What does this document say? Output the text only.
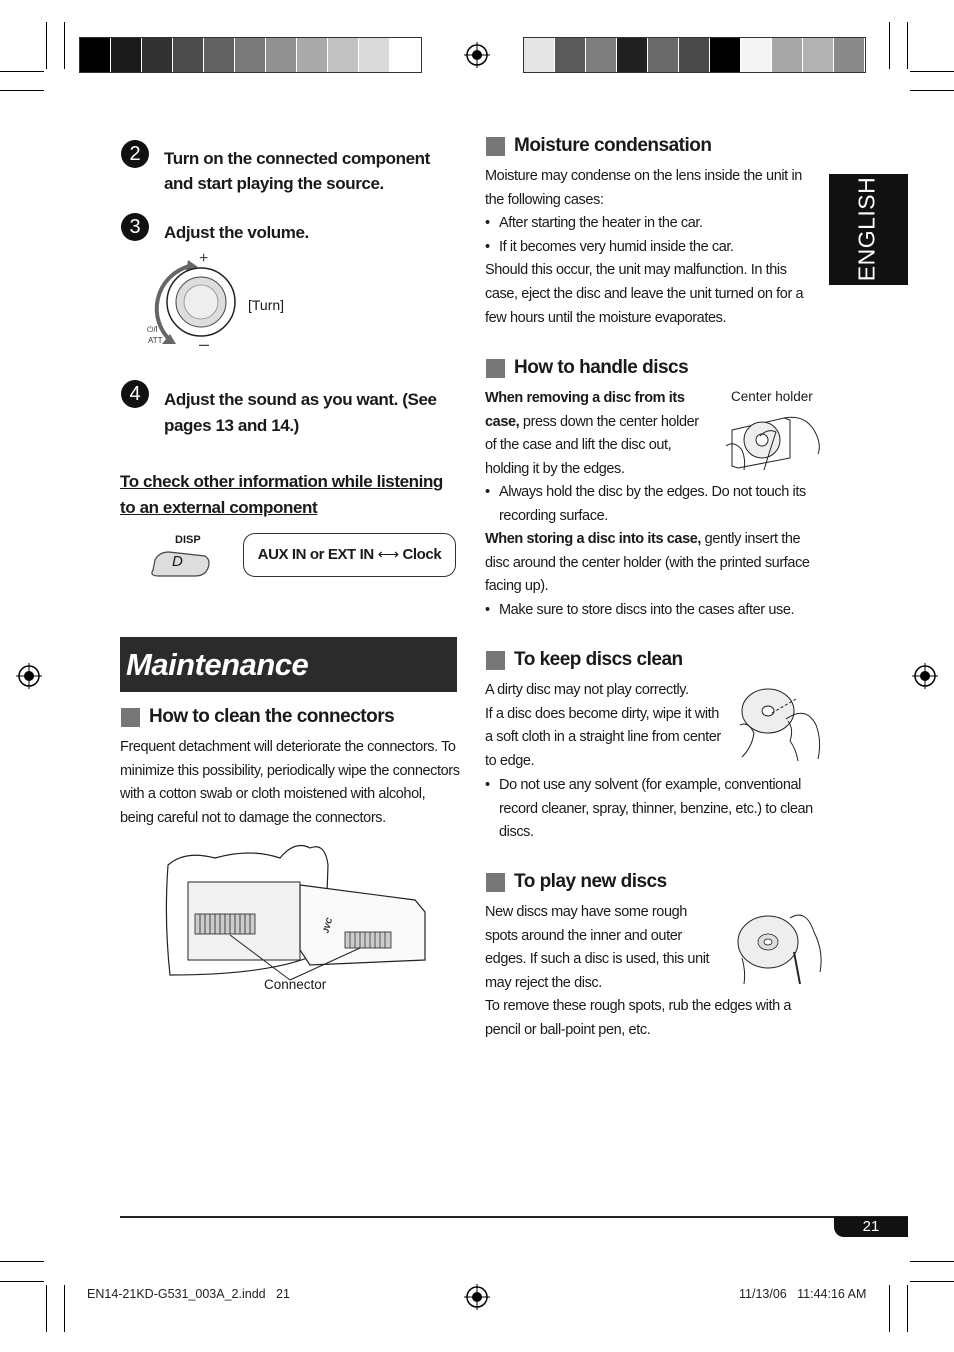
ENGLISH
2	Turn on the connected component and start playing the source.
3	Adjust the volume.
+
–
⏻/I
ATT
[Turn]
4	Adjust the sound as you want. (See pages 13 and 14.)
To check other information while listening to an external component
DISP
D	AUX IN or EXT IN ⟷ Clock
Maintenance
How to clean the connectors
Frequent detachment will deteriorate the connectors. To minimize this possibility, periodically wipe the connectors with a cotton swab or cloth moistened with alcohol, being careful not to damage the connectors.
JVC
Connector
Moisture condensation
Moisture may condense on the lens inside the unit in the following cases:
• After starting the heater in the car.
• If it becomes very humid inside the car.
Should this occur, the unit may malfunction. In this case, eject the disc and leave the unit turned on for a few hours until the moisture evaporates.
How to handle discs
When removing a disc from its case, press down the center holder of the case and lift the disc out, holding it by the edges.
Center holder
• Always hold the disc by the edges. Do not touch its recording surface.
When storing a disc into its case, gently insert the disc around the center holder (with the printed surface facing up).
• Make sure to store discs into the cases after use.
To keep discs clean
A dirty disc may not play correctly.
If a disc does become dirty, wipe it with a soft cloth in a straight line from center to edge.
• Do not use any solvent (for example, conventional record cleaner, spray, thinner, benzine, etc.) to clean discs.
To play new discs
New discs may have some rough spots around the inner and outer edges. If such a disc is used, this unit may reject the disc.
To remove these rough spots, rub the edges with a pencil or ball-point pen, etc.
21
EN14-21KD-G531_003A_2.indd   21	11/13/06   11:44:16 AM
